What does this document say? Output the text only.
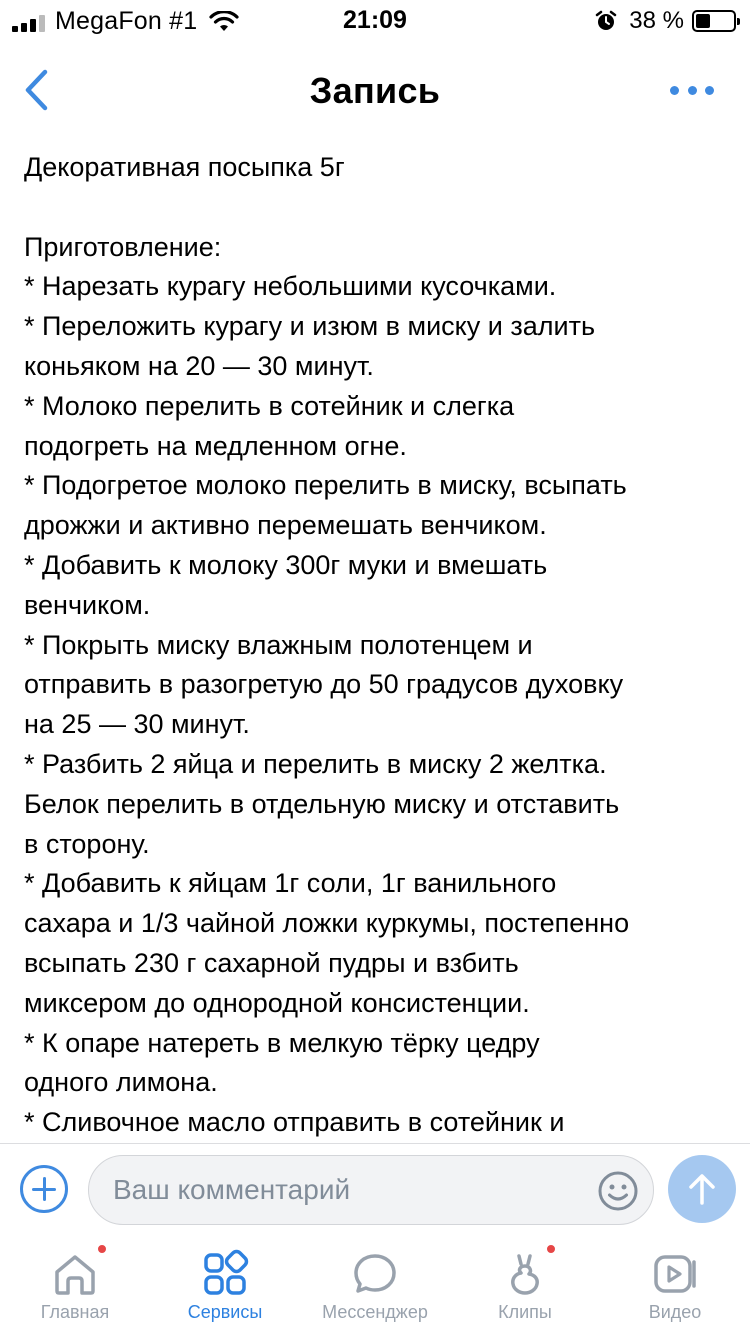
MegaFon #1	21:09	38 %
Запись
Декоративная посыпка 5г
Приготовление:
* Нарезать курагу небольшими кусочками.
* Переложить курагу и изюм в миску и залить
коньяком на 20 — 30 минут.
* Молоко перелить в сотейник и слегка
подогреть на медленном огне.
* Подогретое молоко перелить в миску, всыпать
дрожжи и активно перемешать венчиком.
* Добавить к молоку 300г муки и вмешать
венчиком.
* Покрыть миску влажным полотенцем и
отправить в разогретую до 50 градусов духовку
на 25 — 30 минут.
* Разбить 2 яйца и перелить в миску 2 желтка.
Белок перелить в отдельную миску и отставить
в сторону.
* Добавить к яйцам 1г соли, 1г ванильного
сахара и 1/3 чайной ложки куркумы, постепенно
всыпать 230 г сахарной пудры и взбить
миксером до однородной консистенции.
* К опаре натереть в мелкую тёрку цедру
одного лимона.
* Сливочное масло отправить в сотейник и
Ваш комментарий
Главная	Сервисы	Мессенджер	Клипы	Видео
